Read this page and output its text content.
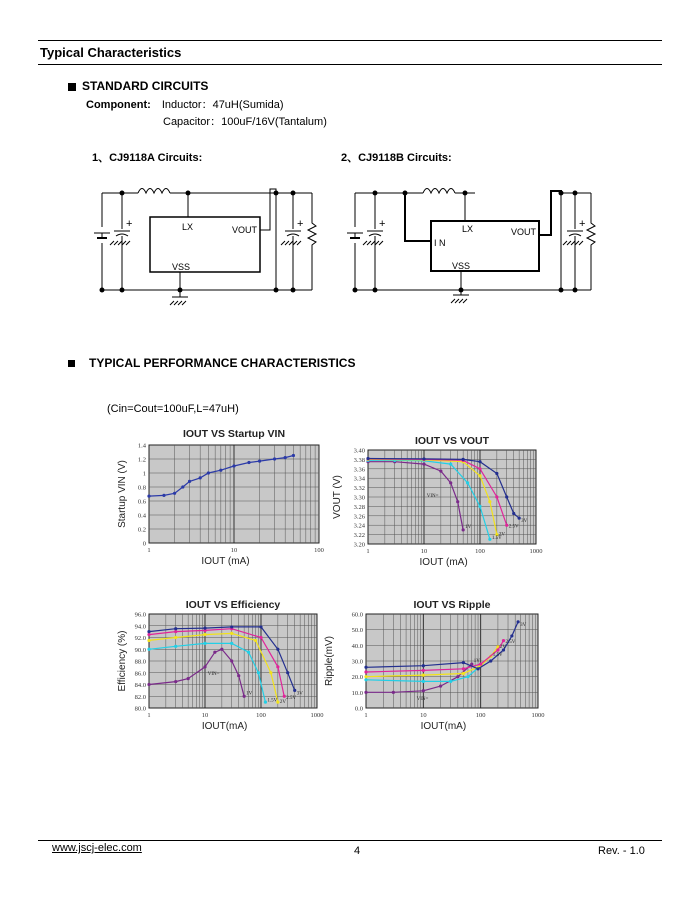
Typical Characteristics
STANDARD CIRCUITS
Component: Inductor：47uH(Sumida)
Capacitor：100uF/16V(Tantalum)
1、CJ9118A Circuits:	2、CJ9118B Circuits:
+	+
LX	VOUT
VSS
+	+
LX	VOUT
I N
VSS
TYPICAL PERFORMANCE CHARACTERISTICS
(Cin=Cout=100uF,L=47uH)
IOUT VS Startup VIN
0
0.2
0.4
0.6
0.8
1
1.2
1.4
1	10	100
IOUT (mA)
Startup VIN (V)
IOUT VS VOUT
3.20
3.22
3.24
3.26
3.28
3.30
3.32
3.34
3.36
3.38
3.40
1	10	100	1000
IOUT (mA)
VOUT (V)	VIN=
1V
1.5V
2V
2.5V
3V
IOUT VS Efficiency
80.0
82.0
84.0
86.0
88.0
90.0
92.0
94.0
96.0
1	10	100	1000
IOUT(mA)
Efficiency (%)	VIN=
1V
1.5V 2V
2.5V
3V
IOUT VS Ripple
0.0
10.0
20.0
30.0
40.0
50.0
60.0
1	10	100	1000
IOUT(mA)
Ripple(mV)
VIN=
1V
1.5V
2V
2.5V
3V
www.jscj-elec.com	4	Rev. - 1.0
